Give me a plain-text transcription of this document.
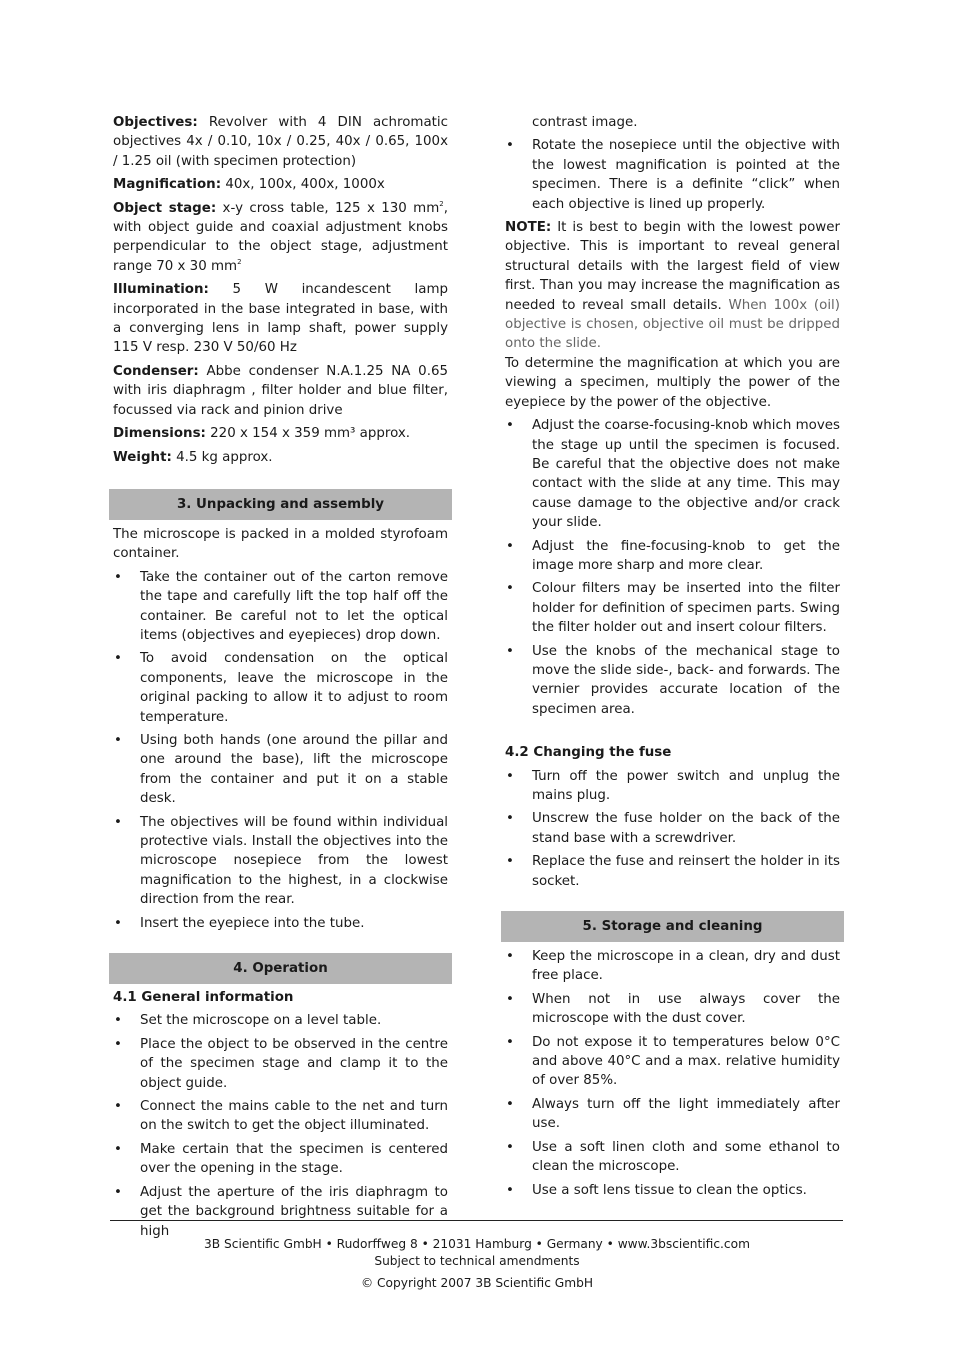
Objectives: Revolver with 4 DIN achromatic objectives 4x / 0.10, 10x / 0.25, 40x / 0.65, 100x / 1.25 oil (with specimen protection)

Magnification: 40x, 100x, 400x, 1000x

Object stage: x-y cross table, 125 x 130 $mm^2$, with object guide and coaxial adjustment knobs perpendicular to the object stage, adjustment range 70 x 30 $mm^2$

Illumination: 5 W incandescent lamp incorporated in the base integrated in base, with a converging lens in lamp shaft, power supply 115 V resp. 230 V 50/60 Hz

Condenser: Abbe condenser N.A.1.25 NA 0.65 with iris diaphragm , filter holder and blue filter, focussed via rack and pinion drive

Dimensions: 220 x 154 x 359 mm³ approx.

Weight: 4.5 kg approx.

3. Unpacking and assembly

The microscope is packed in a molded styrofoam container.

• Take the container out of the carton remove the tape and carefully lift the top half off the container. Be careful not to let the optical items (objectives and eyepieces) drop down.
• To avoid condensation on the optical components, leave the microscope in the original packing to allow it to adjust to room temperature.
• Using both hands (one around the pillar and one around the base), lift the microscope from the container and put it on a stable desk.
• The objectives will be found within individual protective vials. Install the objectives into the microscope nosepiece from the lowest magnification to the highest, in a clockwise direction from the rear.
• Insert the eyepiece into the tube.
4. Operation
4.1 General information
• Set the microscope on a level table.
• Place the object to be observed in the centre of the specimen stage and clamp it to the object guide.
• Connect the mains cable to the net and turn on the switch to get the object illuminated.
• Make certain that the specimen is centered over the opening in the stage.
• Adjust the aperture of the iris diaphragm to get the background brightness suitable for a high
contrast image.
• Rotate the nosepiece until the objective with the lowest magnification is pointed at the specimen. There is a definite “click” when each objective is lined up properly.

NOTE: It is best to begin with the lowest power objective. This is important to reveal general structural details with the largest field of view first. Than you may increase the magnification as needed to reveal small details. When 100x (oil) objective is chosen, objective oil must be dripped onto the slide.

To determine the magnification at which you are viewing a specimen, multiply the power of the eyepiece by the power of the objective.

• Adjust the coarse-focusing-knob which moves the stage up until the specimen is focused. Be careful that the objective does not make contact with the slide at any time. This may cause damage to the objective and/or crack your slide.
• Adjust the fine-focusing-knob to get the image more sharp and more clear.
• Colour filters may be inserted into the filter holder for definition of specimen parts. Swing the filter holder out and insert colour filters.
• Use the knobs of the mechanical stage to move the slide side-, back- and forwards. The vernier provides accurate location of the specimen area.
4.2 Changing the fuse
• Turn off the power switch and unplug the mains plug.
• Unscrew the fuse holder on the back of the stand base with a screwdriver.
• Replace the fuse and reinsert the holder in its socket.
5. Storage and cleaning
• Keep the microscope in a clean, dry and dust free place.
• When not in use always cover the microscope with the dust cover.
• Do not expose it to temperatures below 0°C and above 40°C and a max. relative humidity of over 85%.
• Always turn off the light immediately after use.
• Use a soft linen cloth and some ethanol to clean the microscope.
• Use a soft lens tissue to clean the optics.
3B Scientific GmbH • Rudorffweg 8 • 21031 Hamburg • Germany • www.3bscientific.com
Subject to technical amendments
© Copyright 2007 3B Scientific GmbH
